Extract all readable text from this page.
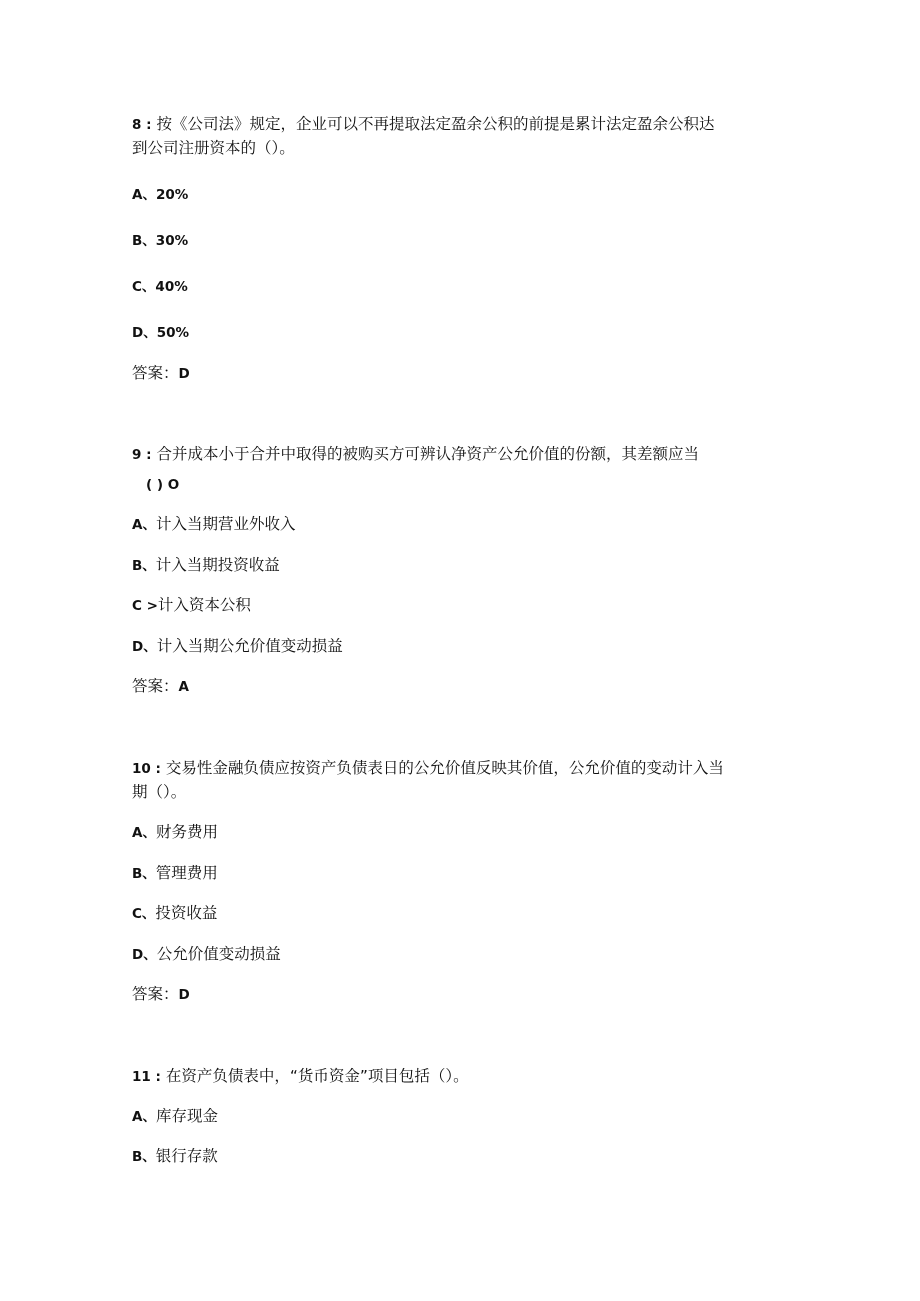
8 : 按《公司法》规定，企业可以不再提取法定盈余公积的前提是累计法定盈余公积达
到公司注册资本的（）。
A、20%
B、30%
C、40%
D、50%
答案：D
9 : 合并成本小于合并中取得的被购买方可辨认净资产公允价值的份额，其差额应当
( ) O
A、计入当期营业外收入
B、计入当期投资收益
C >计入资本公积
D、计入当期公允价值变动损益
答案：A
10 : 交易性金融负债应按资产负债表日的公允价值反映其价值，公允价值的变动计入当
期（）。
A、财务费用
B、管理费用
C、投资收益
D、公允价值变动损益
答案：D
11 : 在资产负债表中，“货币资金”项目包括（）。
A、库存现金
B、银行存款
